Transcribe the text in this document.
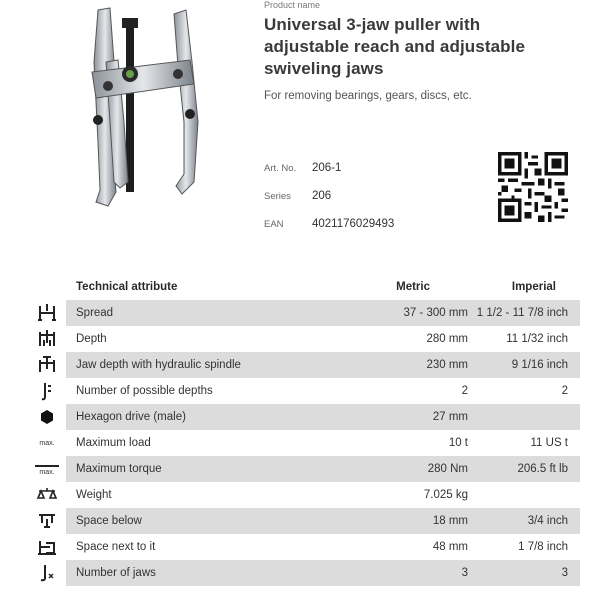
Product name
Universal 3-jaw puller with
adjustable reach and adjustable
swiveling jaws
For removing bearings, gears, discs, etc.
Art. No.	206-1
Series	206
EAN	4021176029493
Technical attribute	Metric	Imperial
Spread	37 - 300 mm 1 1/2 - 11 7/8 inch
Depth	280 mm	11 1/32 inch
Jaw depth with hydraulic spindle	230 mm	9 1/16 inch
Number of possible depths	2	2
Hexagon drive (male)	27 mm
max.	Maximum load	10 t	11 US t
max.	Maximum torque	280 Nm	206.5 ft lb
Weight	7.025 kg
Space below	18 mm	3/4 inch
Space next to it	48 mm	1 7/8 inch
Number of jaws	3	3
